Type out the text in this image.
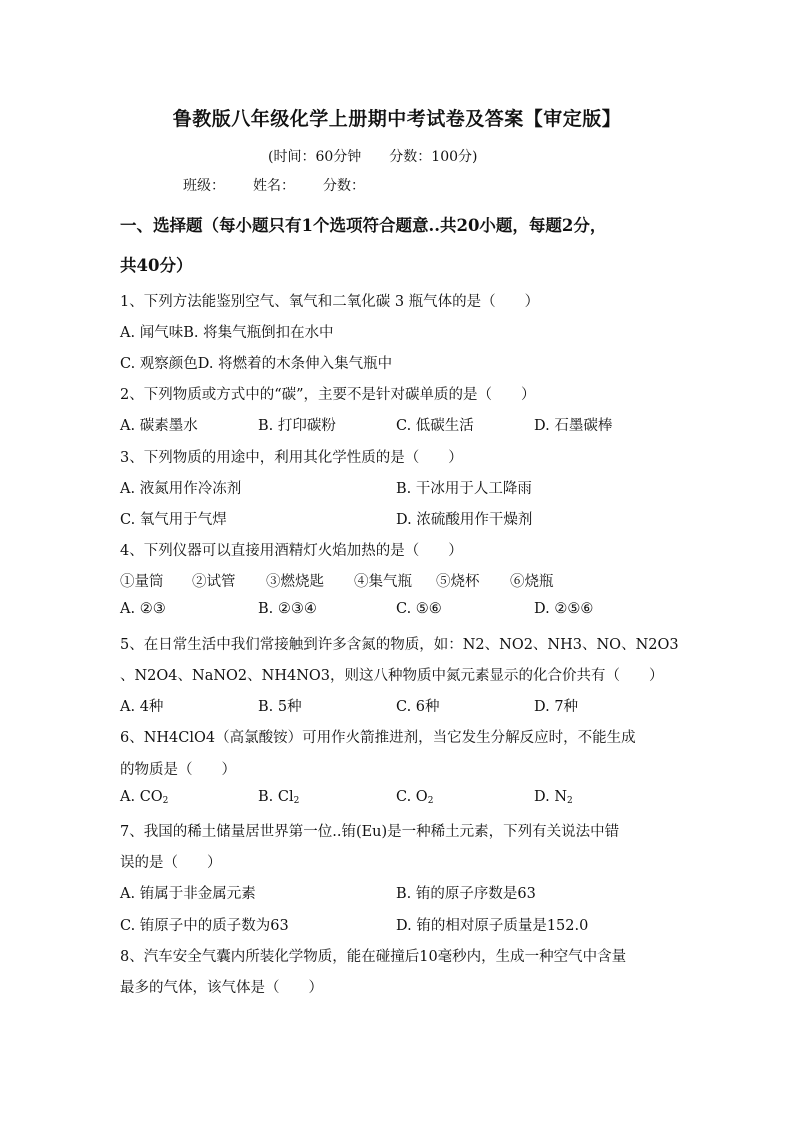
鲁教版八年级化学上册期中考试卷及答案【审定版】
(时间：60分钟 分数：100分)
班级： 姓名： 分数：
一、选择题（每小题只有1个选项符合题意..共20小题，每题2分，
共40分）
1、下列方法能鉴别空气、氧气和二氧化碳 3 瓶气体的是（　　）
A. 闻气味B. 将集气瓶倒扣在水中
C. 观察颜色D. 将燃着的木条伸入集气瓶中
2、下列物质或方式中的“碳”，主要不是针对碳单质的是（　　）
A. 碳素墨水	B. 打印碳粉	C. 低碳生活	D. 石墨碳棒
3、下列物质的用途中，利用其化学性质的是（　　）
A. 液氮用作冷冻剂	B. 干冰用于人工降雨
C. 氧气用于气焊	D. 浓硫酸用作干燥剂
4、下列仪器可以直接用酒精灯火焰加热的是（　　）
①量筒 ②试管 ③燃烧匙 ④集气瓶 ⑤烧杯 ⑥烧瓶
A. ②③	B. ②③④	C. ⑤⑥	D. ②⑤⑥
5、在日常生活中我们常接触到许多含氮的物质，如：N2、NO2、NH3、NO、N2O3
、N2O4、NaNO2、NH4NO3，则这八种物质中氮元素显示的化合价共有（　　）
A. 4种	B. 5种	C. 6种	D. 7种
6、NH4ClO4（高氯酸铵）可用作火箭推进剂，当它发生分解反应时，不能生成
的物质是（　　）
A. $CO_2$	B. $Cl_2$	C. $O_2$	D. $N_2$
7、我国的稀土储量居世界第一位..铕(Eu)是一种稀土元素，下列有关说法中错
误的是（　　）
A. 铕属于非金属元素	B. 铕的原子序数是63
C. 铕原子中的质子数为63	D. 铕的相对原子质量是152.0
8、汽车安全气囊内所装化学物质，能在碰撞后10毫秒内，生成一种空气中含量
最多的气体，该气体是（　　）
